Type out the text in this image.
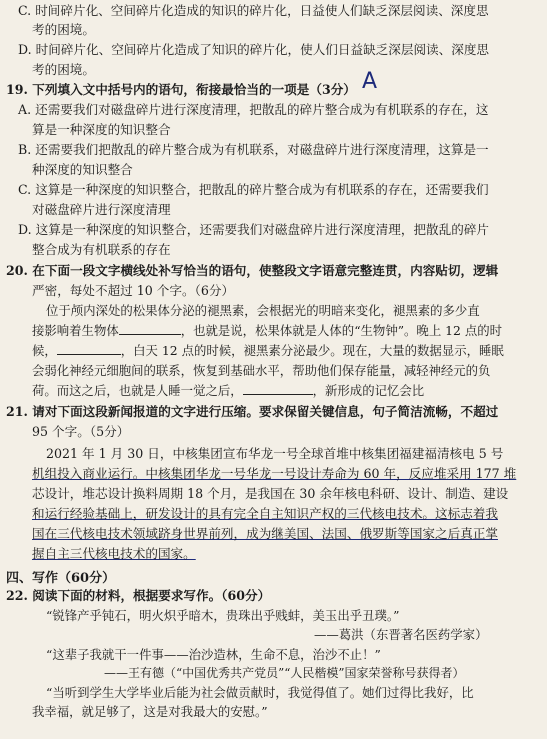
C. 时间碎片化、空间碎片化造成的知识的碎片化，日益使人们缺乏深层阅读、深度思
考的困境。
D. 时间碎片化、空间碎片化造成了知识的碎片化，使人们日益缺乏深层阅读、深度思
考的困境。
19. 下列填入文中括号内的语句，衔接最恰当的一项是（3分） A
A. 还需要我们对磁盘碎片进行深度清理，把散乱的碎片整合成为有机联系的存在，这
算是一种深度的知识整合
B. 还需要我们把散乱的碎片整合成为有机联系，对磁盘碎片进行深度清理，这算是一
种深度的知识整合
C. 这算是一种深度的知识整合，把散乱的碎片整合成为有机联系的存在，还需要我们
对磁盘碎片进行深度清理
D. 这算是一种深度的知识整合，还需要我们对磁盘碎片进行深度清理，把散乱的碎片
整合成为有机联系的存在
20. 在下面一段文字横线处补写恰当的语句，使整段文字语意完整连贯，内容贴切，逻辑
严密，每处不超过 10 个字。（6分）
位于颅内深处的松果体分泌的褪黑素，会根据光的明暗来变化，褪黑素的多少直
接影响着生物体	，也就是说，松果体就是人体的“生物钟”。晚上 12 点的时
候，	，白天 12 点的时候，褪黑素分泌最少。现在，大量的数据显示，睡眠
会弱化神经元细胞间的联系，恢复到基础水平，帮助他们保存能量，减轻神经元的负
荷。而这之后，也就是人睡一觉之后，	，新形成的记忆会比
21. 请对下面这段新闻报道的文字进行压缩。要求保留关键信息，句子简洁流畅，不超过
95 个字。（5分）
2021 年 1 月 30 日，中核集团宣布华龙一号全球首堆中核集团福建福清核电 5 号
机组投入商业运行。中核集团华龙一号华龙一号设计寿命为 60 年，反应堆采用 177 堆
芯设计，堆芯设计换料周期 18 个月，是我国在 30 余年核电科研、设计、制造、建设
和运行经验基础上，研发设计的具有完全自主知识产权的三代核电技术。这标志着我
国在三代核电技术领域跻身世界前列，成为继美国、法国、俄罗斯等国家之后真正掌
握自主三代核电技术的国家。
四、写作（60分）
22. 阅读下面的材料，根据要求写作。（60分）
“锐锋产乎钝石，明火炽乎暗木，贵珠出乎贱蚌，美玉出乎丑璞。”
——葛洪（东晋著名医药学家）
“这辈子我就干一件事——治沙造林，生命不息，治沙不止！”
——王有德（“中国优秀共产党员”“人民楷模”国家荣誉称号获得者）
“当听到学生大学毕业后能为社会做贡献时，我觉得值了。她们过得比我好，比
我幸福，就足够了，这是对我最大的安慰。”
